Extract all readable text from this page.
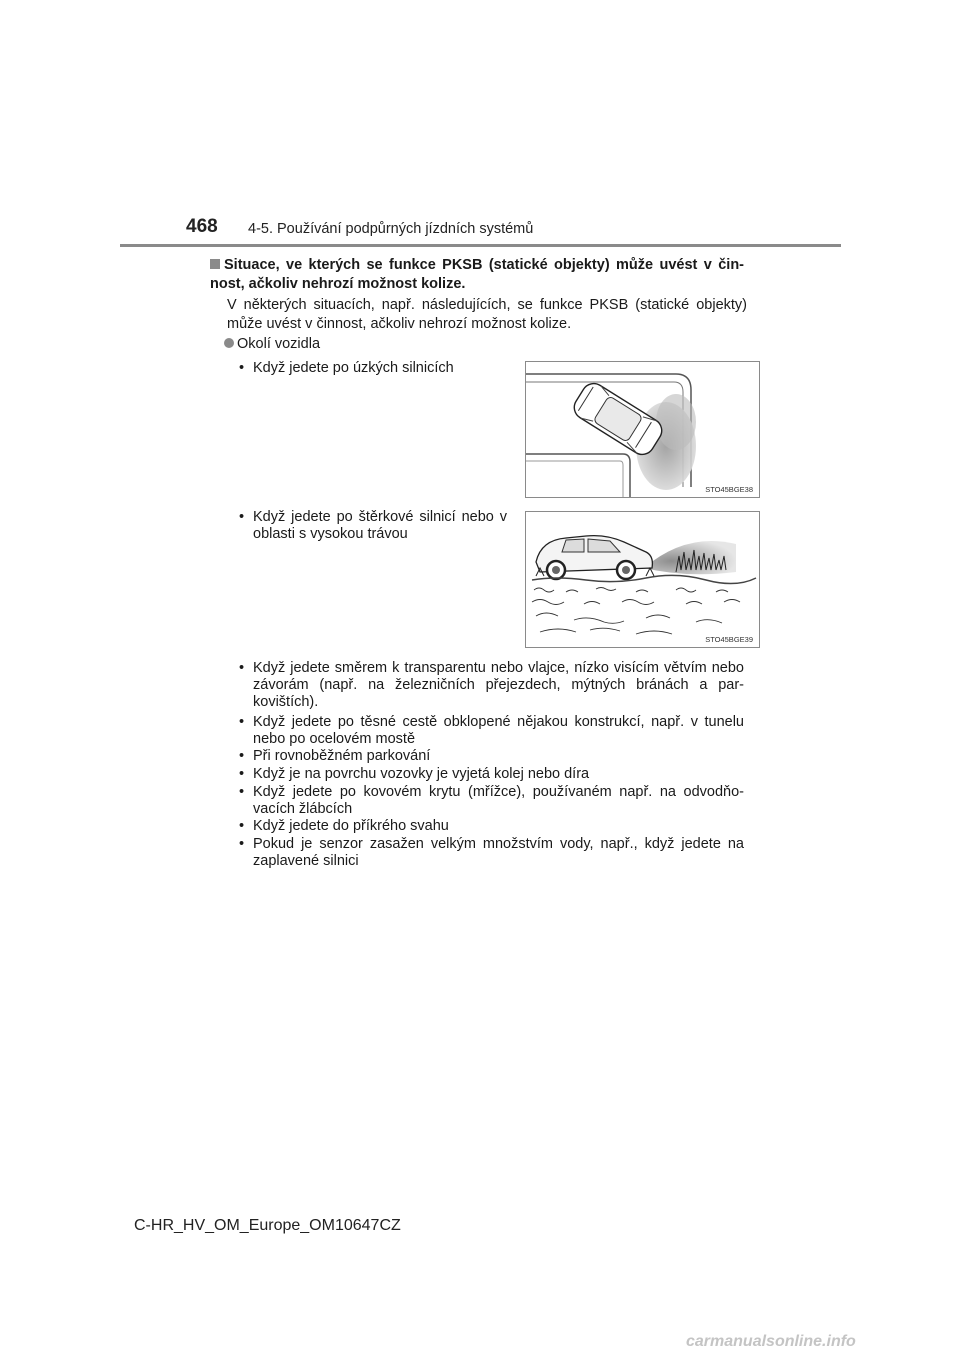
468 4-5. Používání podpůrných jízdních systémů
Situace, ve kterých se funkce PKSB (statické objekty) může uvést v čin-nost, ačkoliv nehrozí možnost kolize.
V některých situacích, např. následujících, se funkce PKSB (statické objekty) může uvést v činnost, ačkoliv nehrozí možnost kolize.
Okolí vozidla
• Když jedete po úzkých silnicích
STO45BGE38
• Když jedete po štěrkové silnicí nebo v oblasti s vysokou trávou
STO45BGE39
• Když jedete směrem k transparentu nebo vlajce, nízko visícím větvím nebo závorám (např. na železničních přejezdech, mýtných bránách a par-kovištích).
• Když jedete po těsné cestě obklopené nějakou konstrukcí, např. v tunelu nebo po ocelovém mostě
• Při rovnoběžném parkování
• Když je na povrchu vozovky je vyjetá kolej nebo díra
• Když jedete po kovovém krytu (mřížce), používaném např. na odvodňo-vacích žlábcích
• Když jedete do příkrého svahu
• Pokud je senzor zasažen velkým množstvím vody, např., když jedete na zaplavené silnici
C-HR_HV_OM_Europe_OM10647CZ
carmanualsonline.info
